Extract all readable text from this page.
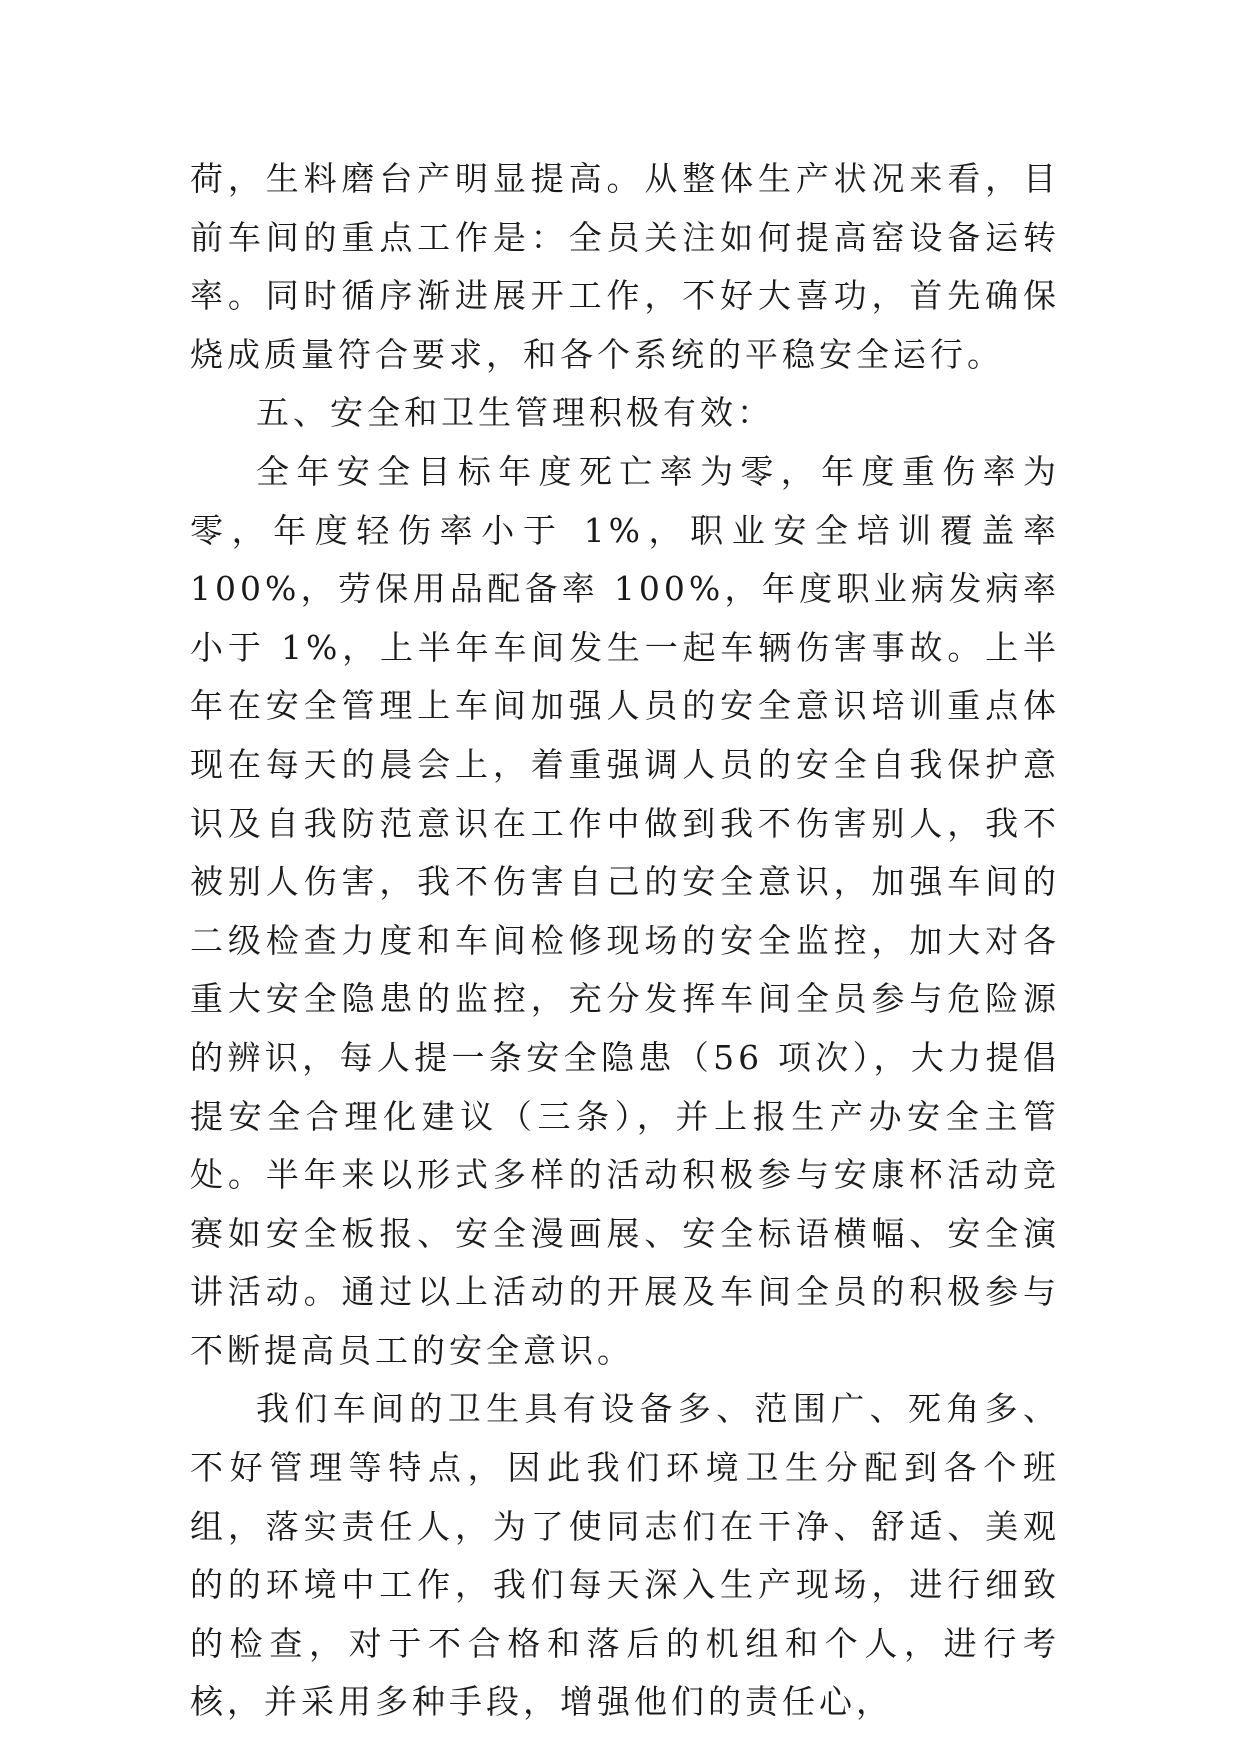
荷，生料磨台产明显提高。从整体生产状况来看，目前车间的重点工作是：全员关注如何提高窑设备运转率。同时循序渐进展开工作，不好大喜功，首先确保烧成质量符合要求，和各个系统的平稳安全运行。

五、安全和卫生管理积极有效：

全年安全目标年度死亡率为零，年度重伤率为零，年度轻伤率小于 1%，职业安全培训覆盖率 100%，劳保用品配备率 100%，年度职业病发病率小于 1%，上半年车间发生一起车辆伤害事故。上半年在安全管理上车间加强人员的安全意识培训重点体现在每天的晨会上，着重强调人员的安全自我保护意识及自我防范意识在工作中做到我不伤害别人，我不被别人伤害，我不伤害自己的安全意识，加强车间的二级检查力度和车间检修现场的安全监控，加大对各重大安全隐患的监控，充分发挥车间全员参与危险源的辨识，每人提一条安全隐患（56 项次），大力提倡提安全合理化建议（三条），并上报生产办安全主管处。半年来以形式多样的活动积极参与安康杯活动竞赛如安全板报、安全漫画展、安全标语横幅、安全演讲活动。通过以上活动的开展及车间全员的积极参与不断提高员工的安全意识。

我们车间的卫生具有设备多、范围广、死角多、不好管理等特点，因此我们环境卫生分配到各个班组，落实责任人，为了使同志们在干净、舒适、美观的的环境中工作，我们每天深入生产现场，进行细致的检查，对于不合格和落后的机组和个人，进行考核，并采用多种手段，增强他们的责任心，
